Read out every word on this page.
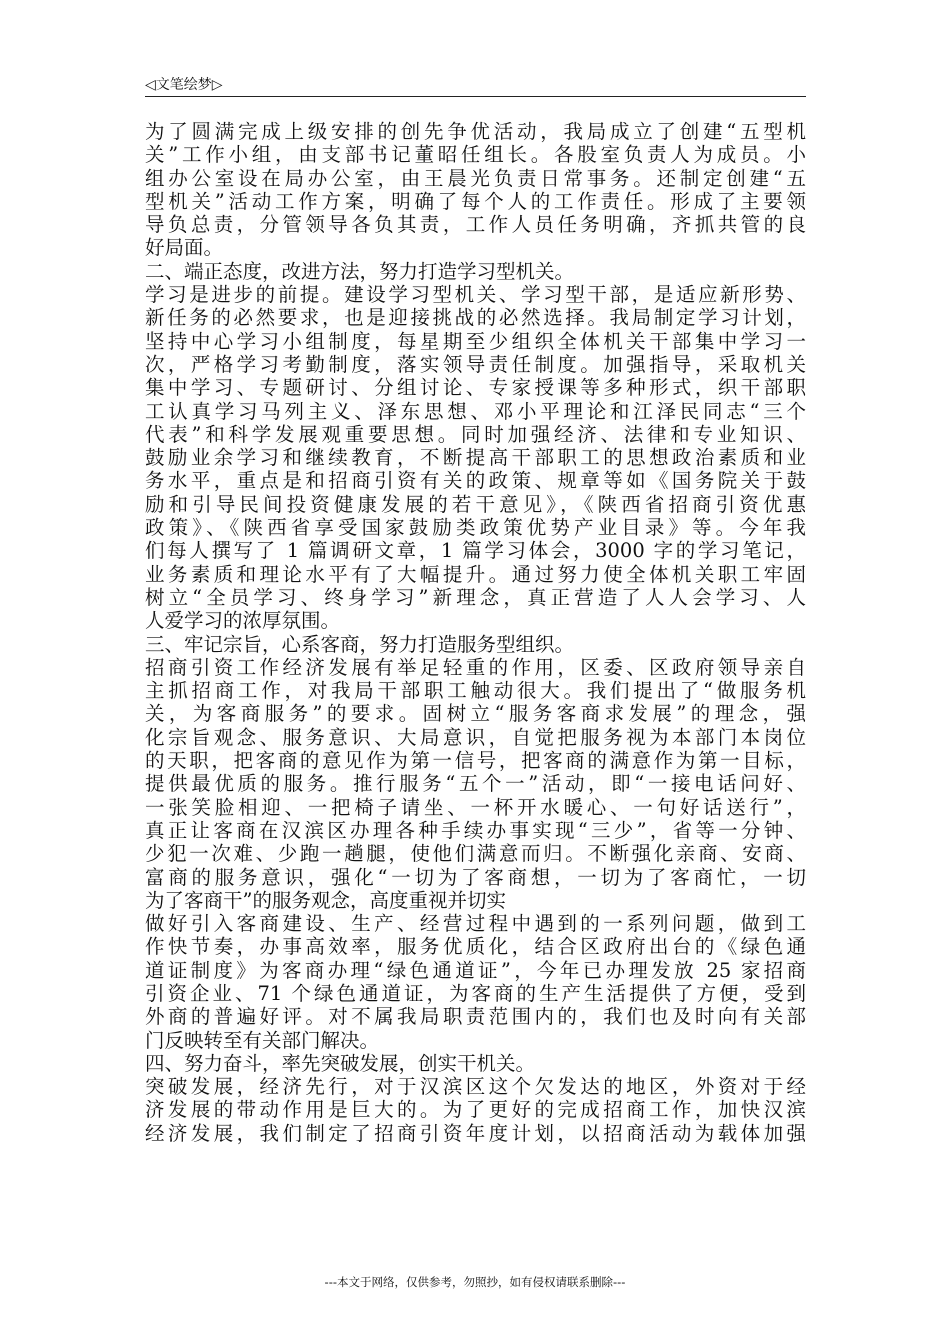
◁文笔绘梦▷
为了圆满完成上级安排的创先争优活动，我局成立了创建“五型机
关”工作小组，由支部书记董昭任组长。各股室负责人为成员。小
组办公室设在局办公室，由王晨光负责日常事务。还制定创建“五
型机关”活动工作方案，明确了每个人的工作责任。形成了主要领
导负总责，分管领导各负其责，工作人员任务明确，齐抓共管的良
好局面。
二、端正态度，改进方法，努力打造学习型机关。
学习是进步的前提。建设学习型机关、学习型干部，是适应新形势、
新任务的必然要求，也是迎接挑战的必然选择。我局制定学习计划，
坚持中心学习小组制度，每星期至少组织全体机关干部集中学习一
次，严格学习考勤制度，落实领导责任制度。加强指导，采取机关
集中学习、专题研讨、分组讨论、专家授课等多种形式，织干部职
工认真学习马列主义、泽东思想、邓小平理论和江泽民同志“三个
代表”和科学发展观重要思想。同时加强经济、法律和专业知识、
鼓励业余学习和继续教育，不断提高干部职工的思想政治素质和业
务水平，重点是和招商引资有关的政策、规章等如《国务院关于鼓
励和引导民间投资健康发展的若干意见》，《陕西省招商引资优惠
政策》、《陕西省享受国家鼓励类政策优势产业目录》等。今年我
们每人撰写了 1 篇调研文章，1 篇学习体会，3000 字的学习笔记，
业务素质和理论水平有了大幅提升。通过努力使全体机关职工牢固
树立“全员学习、终身学习”新理念，真正营造了人人会学习、人
人爱学习的浓厚氛围。
三、牢记宗旨，心系客商，努力打造服务型组织。
招商引资工作经济发展有举足轻重的作用，区委、区政府领导亲自
主抓招商工作，对我局干部职工触动很大。我们提出了“做服务机
关，为客商服务”的要求。固树立“服务客商求发展”的理念，强
化宗旨观念、服务意识、大局意识，自觉把服务视为本部门本岗位
的天职，把客商的意见作为第一信号，把客商的满意作为第一目标，
提供最优质的服务。推行服务“五个一”活动，即“一接电话问好、
一张笑脸相迎、一把椅子请坐、一杯开水暖心、一句好话送行”，
真正让客商在汉滨区办理各种手续办事实现“三少”，省等一分钟、
少犯一次难、少跑一趟腿，使他们满意而归。不断强化亲商、安商、
富商的服务意识，强化“一切为了客商想，一切为了客商忙，一切
为了客商干”的服务观念，高度重视并切实
做好引入客商建设、生产、经营过程中遇到的一系列问题，做到工
作快节奏，办事高效率，服务优质化，结合区政府出台的《绿色通
道证制度》为客商办理“绿色通道证”，今年已办理发放 25 家招商
引资企业、71 个绿色通道证，为客商的生产生活提供了方便，受到
外商的普遍好评。对不属我局职责范围内的，我们也及时向有关部
门反映转至有关部门解决。
四、努力奋斗，率先突破发展，创实干机关。
突破发展，经济先行，对于汉滨区这个欠发达的地区，外资对于经
济发展的带动作用是巨大的。为了更好的完成招商工作，加快汉滨
经济发展，我们制定了招商引资年度计划，以招商活动为载体加强
---本文于网络，仅供参考，勿照抄，如有侵权请联系删除---
